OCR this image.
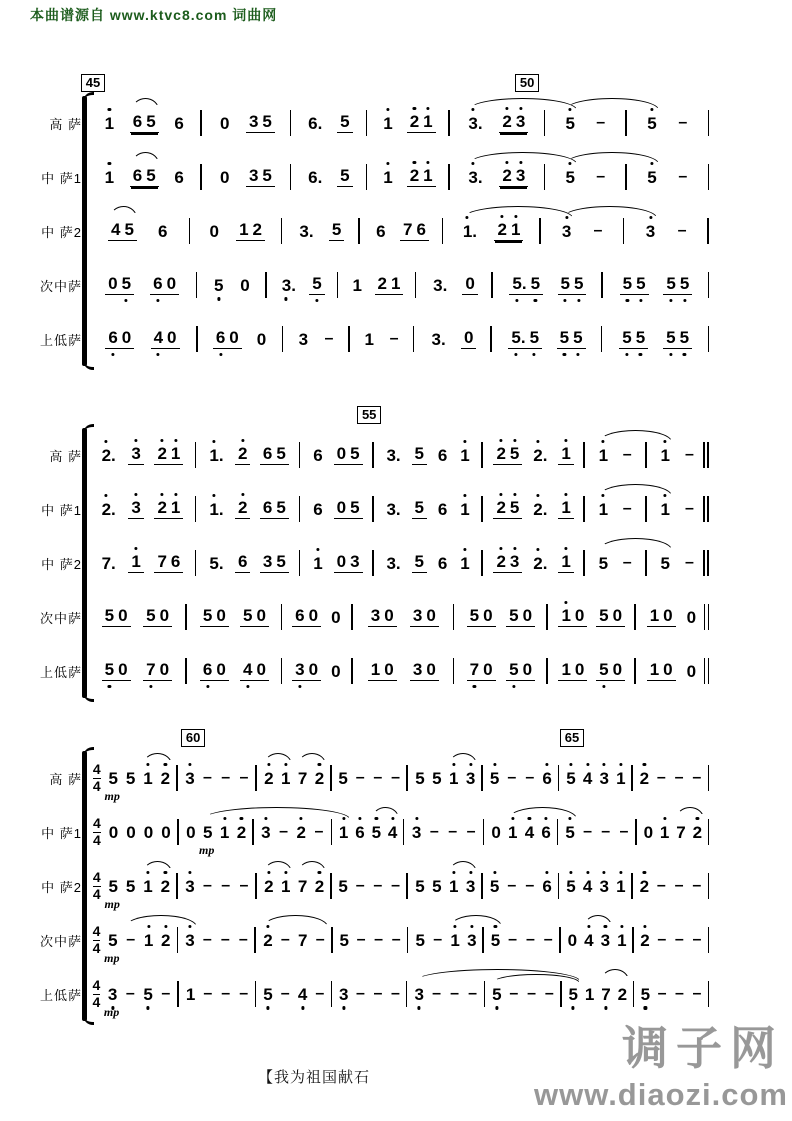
本曲谱源自 www.ktvc8.com 词曲网
高 萨
中 萨1
中 萨2
次中萨
上低萨
45	50
1 6 5 6 0 3 5 6. 5 1 2 1 3. 2 3 5 – 5 –
1 6 5 6 0 3 5 6. 5 1 2 1 3. 2 3 5 – 5 –
4 5 6 0 1 2 3. 5 6 7 6 1. 2 1 3 –	3 –
0 5 6 0 5 0 3. 5 1 2 1 3. 0 5. 5 5 5 5 5 5 5
6 0 4 0 6 0 0 3 – 1 – 3. 0 5. 5 5 5 5 5 5 5
高 萨
中 萨1
中 萨2
次中萨
上低萨
55
2. 3 2 1 1. 2 6 5 6 0 5 3. 5 6 1 2 5 2. 1 1 – 1 –
2. 3 2 1 1. 2 6 5 6 0 5 3. 5 6 1 2 5 2. 1 1 – 1 –
7. 1 7 6 5. 6 3 5 1 0 3 3. 5 6 1 2 3 2. 1 5 – 5 –
5 0 5 0 5 0 5 0 6 0 0 3 0 3 0 5 0 5 0 1 0 5 0 1 0 0
5 0 7 0 6 0 4 0 3 0 0 1 0 3 0 7 0 5 0 1 0 5 0 1 0 0
高 萨
中 萨1
中 萨2
次中萨
上低萨
60	65
$\frac{4}{4} 5$
mp
5 1 2 3 – – – 2 1 7 2 5 – – – 5 5 1 3 5 – – 6 5 4 3 1 2 – – –
$\frac{4}{4} 0$ 0 0 0 0 5
mp
1 2 3 – 2 – 1 6 5 4 3 – – – 0 1 4 6 5 – – – 0 1 7 2
$\frac{4}{4} 5$
mp
5 1 2 3 – – – 2 1 7 2 5 – – – 5 5 1 3 5 – – 6 5 4 3 1 2 – – –
$\frac{4}{4} 5$
mp
– 1 2 3 – – – 2 – 7 – 5 – – – 5 – 1 3 5 – – – 0 4 3 1 2 – – –
$\frac{4}{4} 3$
mp
– 5 – 1 – – – 5 – 4 – 3 – – – 3 – – – 5 – – – 5 1 7 2 5 – – –
【我为祖国献石
调子网
www.diaozi.com
